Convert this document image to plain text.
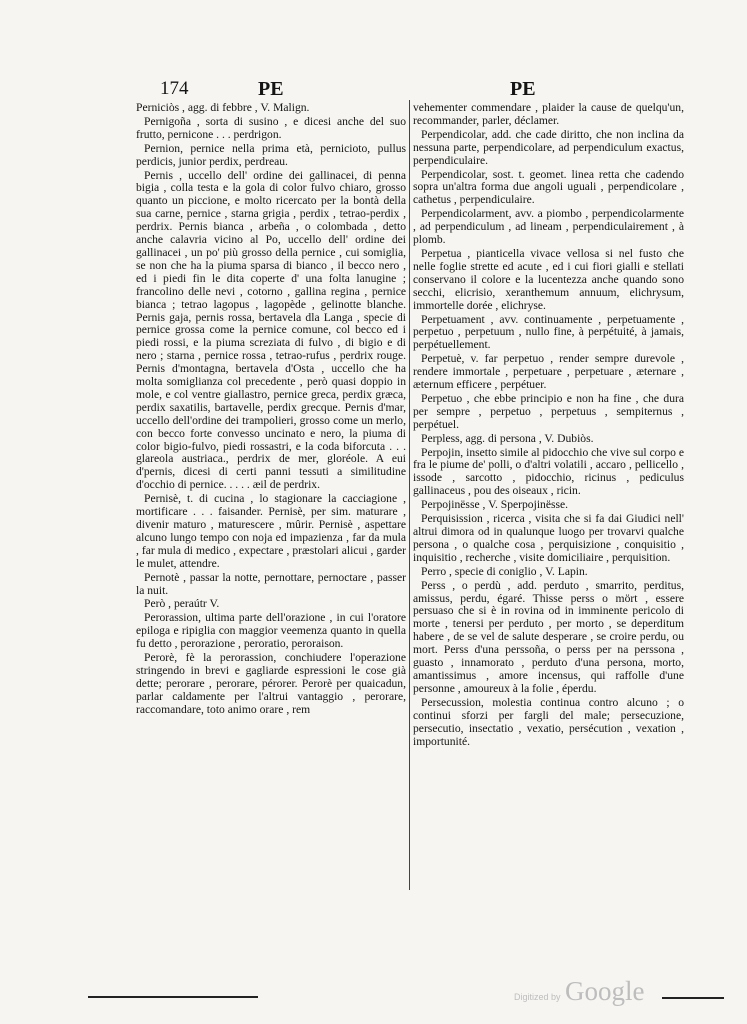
174	PE	PE

Perniciòs , agg. di febbre , V. Malign.

Pernigoña , sorta di susino , e dicesi anche del suo frutto, pernicone . . . perdrigon.

Pernion, pernice nella prima età, pernicioto, pullus perdicis, junior perdix, perdreau.

Pernis , uccello dell' ordine dei gallinacei, di penna bigia , colla testa e la gola di color fulvo chiaro, grosso quanto un piccione, e molto ricercato per la bontà della sua carne, pernice , starna grigia , perdix , tetrao-perdix , perdrix. Pernis bianca , arbeña , o colombada , detto anche calavria vicino al Po, uccello dell' ordine dei gallinacei , un po' più grosso della pernice , cui somiglia, se non che ha la piuma sparsa di bianco , il becco nero , ed i piedi fin le dita coperte d' una folta lanugine ; francolino delle nevi , cotorno , gallina regina , pernice bianca ; tetrao lagopus , lagopède , gelinotte blanche. Pernis gaja, pernis rossa, bertavela dla Langa , specie di pernice grossa come la pernice comune, col becco ed i piedi rossi, e la piuma screziata di fulvo , di bigio e di nero ; starna , pernice rossa , tetrao-rufus , perdrix rouge. Pernis d'montagna, bertavela d'Osta , uccello che ha molta somiglianza col precedente , però quasi doppio in mole, e col ventre giallastro, pernice greca, perdix græca, perdix saxatilis, bartavelle, perdix grecque. Pernis d'mar, uccello dell'ordine dei trampolieri, grosso come un merlo, con becco forte convesso uncinato e nero, la piuma di color bigio-fulvo, piedi rossastri, e la coda biforcuta . . . glareola austriaca., perdrix de mer, gloréole. A eui d'pernis, dicesi di certi panni tessuti a similitudine d'occhio di pernice. . . . . æil de perdrix.

Pernisè, t. di cucina , lo stagionare la cacciagione , mortificare . . . faisander. Pernisè, per sim. maturare , divenir maturo , maturescere , mûrir. Pernisè , aspettare alcuno lungo tempo con noja ed impazienza , far da mula , far mula di medico , expectare , præstolari alicui , garder le mulet, attendre.

Pernotè , passar la notte, pernottare, pernoctare , passer la nuit.

Però , peraútr V.

Perorassion, ultima parte dell'orazione , in cui l'oratore epiloga e ripiglia con maggior veemenza quanto in quella fu detto , perorazione , peroratio, peroraison.

Perorè, fè la perorassion, conchiudere l'operazione stringendo in brevi e gagliarde espressioni le cose già dette; perorare , perorare, pérorer. Perorè per quaicadun, parlar caldamente per l'altrui vantaggio , perorare, raccomandare, toto animo orare , rem

vehementer commendare , plaider la cause de quelqu'un, recommander, parler, déclamer.

Perpendicolar, add. che cade diritto, che non inclina da nessuna parte, perpendicolare, ad perpendiculum exactus, perpendiculaire.

Perpendicolar, sost. t. geomet. linea retta che cadendo sopra un'altra forma due angoli uguali , perpendicolare , cathetus , perpendiculaire.

Perpendicolarment, avv. a piombo , perpendicolarmente , ad perpendiculum , ad lineam , perpendiculairement , à plomb.

Perpetua , pianticella vivace vellosa si nel fusto che nelle foglie strette ed acute , ed i cui fiori gialli e stellati conservano il colore e la lucentezza anche quando sono secchi, elicrisio, xeranthemum annuum, elichrysum, immortelle dorée , elichryse.

Perpetuament , avv. continuamente , perpetuamente , perpetuo , perpetuum , nullo fine, à perpétuité, à jamais, perpétuellement.

Perpetuè, v. far perpetuo , render sempre durevole , rendere immortale , perpetuare , perpetuare , æternare , æternum efficere , perpétuer.

Perpetuo , che ebbe principio e non ha fine , che dura per sempre , perpetuo , perpetuus , sempiternus , perpétuel.

Perpless, agg. di persona , V. Dubiòs.

Perpojin, insetto simile al pidocchio che vive sul corpo e fra le piume de' polli, o d'altri volatili , accaro , pellicello , issode , sarcotto , pidocchio, ricinus , pediculus gallinaceus , pou des oiseaux , ricin.

Perpojinësse , V. Sperpojinësse.

Perquisission , ricerca , visita che si fa dai Giudici nell' altrui dimora od in qualunque luogo per trovarvi qualche persona , o qualche cosa , perquisizione , conquisitio , inquisitio , recherche , visite domiciliaire , perquisition.

Perro , specie di coniglio , V. Lapin.

Perss , o perdù , add. perduto , smarrito, perditus, amissus, perdu, égaré. Thisse perss o mört , essere persuaso che si è in rovina od in imminente pericolo di morte , tenersi per perduto , per morto , se deperditum habere , de se vel de salute desperare , se croire perdu, ou mort. Perss d'una perssoña, o perss per na perssona , guasto , innamorato , perduto d'una persona, morto, amantissimus , amore incensus, qui raffolle d'une personne , amoureux à la folie , éperdu.

Persecussion, molestia continua contro alcuno ; o continui sforzi per fargli del male; persecuzione, persecutio, insectatio , vexatio, persécution , vexation , importunité.

Digitized by Google
